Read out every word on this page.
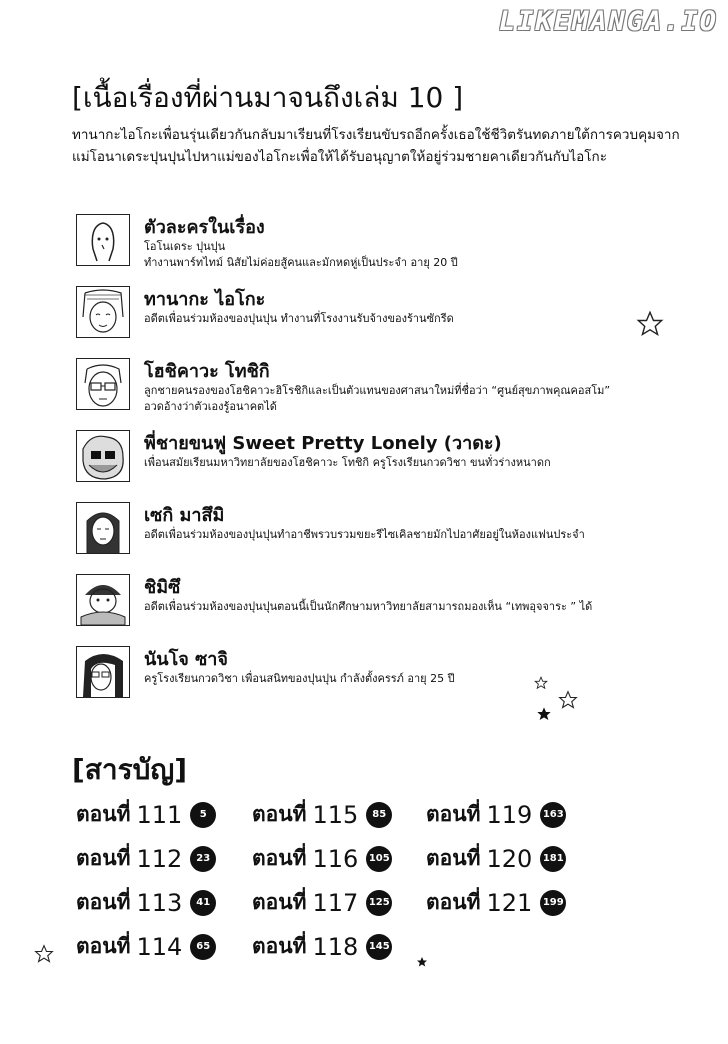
LIKEMANGA.IO
[เนื้อเรื่องที่ผ่านมาจนถึงเล่ม 10 ]

ทานากะไอโกะเพื่อนรุ่นเดียวกันกลับมาเรียนที่โรงเรียนขับรถอีกครั้งเธอใช้ชีวิตรันทดภายใต้การควบคุมจากแม่โอนาเดระปุนปุนไปหาแม่ของไอโกะเพื่อให้ได้รับอนุญาตให้อยู่ร่วมชายคาเดียวกันกับไอโกะ

ตัวละครในเรื่อง
โอโนเดระ ปุนปุน
ทำงานพาร์ทไทม์ นิสัยไม่ค่อยสู้คนและมักหดหู่เป็นประจำ อายุ 20 ปี
ทานากะ ไอโกะ
อดีตเพื่อนร่วมห้องของปุนปุน ทำงานที่โรงงานรับจ้างของร้านซักรีด
โฮชิคาวะ โทชิกิ
ลูกชายคนรองของโฮชิคาวะฮิโรชิกิและเป็นตัวแทนของศาสนาใหม่ที่ชื่อว่า “ศูนย์สุขภาพคุณคอสโม”
อวดอ้างว่าตัวเองรู้อนาคตได้
พี่ชายขนฟู Sweet Pretty Lonely (วาดะ)
เพื่อนสมัยเรียนมหาวิทยาลัยของโฮชิคาวะ โทชิกิ ครูโรงเรียนกวดวิชา ขนทั่วร่างหนาดก
เซกิ มาสึมิ
อดีตเพื่อนร่วมห้องของปุนปุนทำอาชีพรวบรวมขยะรีไซเคิลชายมักไปอาศัยอยู่ในห้องแฟนประจำ
ชิมิซึ
อดีตเพื่อนร่วมห้องของปุนปุนตอนนี้เป็นนักศึกษามหาวิทยาลัยสามารถมองเห็น “เทพอุจจาระ ” ได้
นันโจ ซาจิ
ครูโรงเรียนกวดวิชา เพื่อนสนิทของปุนปุน กำลังตั้งครรภ์ อายุ 25 ปี
[สารบัญ]
ตอนที่ 111 5
ตอนที่ 112 23
ตอนที่ 113 41
ตอนที่ 114 65
ตอนที่ 115 85
ตอนที่ 116 105
ตอนที่ 117 125
ตอนที่ 118 145
ตอนที่ 119 163
ตอนที่ 120 181
ตอนที่ 121 199
